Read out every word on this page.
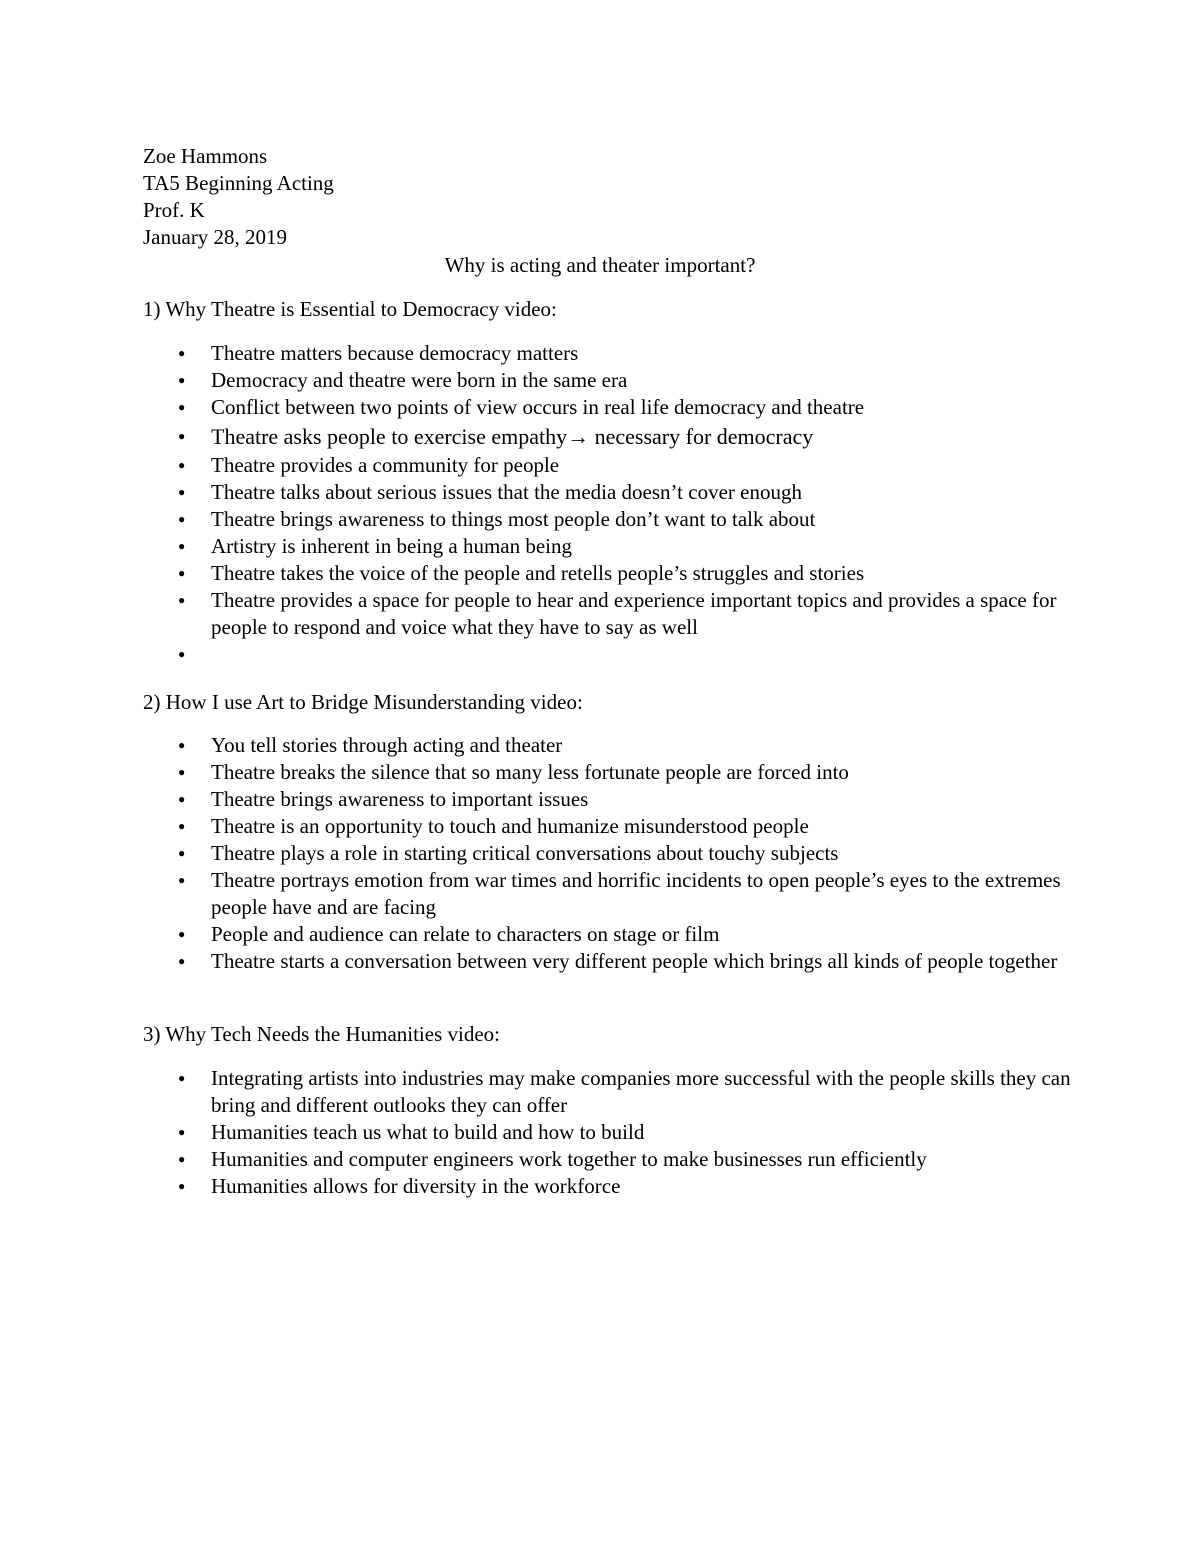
Zoe Hammons
TA5 Beginning Acting
Prof. K
January 28, 2019
Why is acting and theater important?
1) Why Theatre is Essential to Democracy video:
● Theatre matters because democracy matters
● Democracy and theatre were born in the same era
● Conflict between two points of view occurs in real life democracy and theatre
● Theatre asks people to exercise empathy→ necessary for democracy
● Theatre provides a community for people
● Theatre talks about serious issues that the media doesn’t cover enough
● Theatre brings awareness to things most people don’t want to talk about
● Artistry is inherent in being a human being
● Theatre takes the voice of the people and retells people’s struggles and stories
● Theatre provides a space for people to hear and experience important topics and provides a space for people to respond and voice what they have to say as well
●

2) How I use Art to Bridge Misunderstanding video:
● You tell stories through acting and theater
● Theatre breaks the silence that so many less fortunate people are forced into
● Theatre brings awareness to important issues
● Theatre is an opportunity to touch and humanize misunderstood people
● Theatre plays a role in starting critical conversations about touchy subjects
● Theatre portrays emotion from war times and horrific incidents to open people’s eyes to the extremes people have and are facing
● People and audience can relate to characters on stage or film
● Theatre starts a conversation between very different people which brings all kinds of people together
3) Why Tech Needs the Humanities video:
● Integrating artists into industries may make companies more successful with the people skills they can bring and different outlooks they can offer
● Humanities teach us what to build and how to build
● Humanities and computer engineers work together to make businesses run efficiently
● Humanities allows for diversity in the workforce
